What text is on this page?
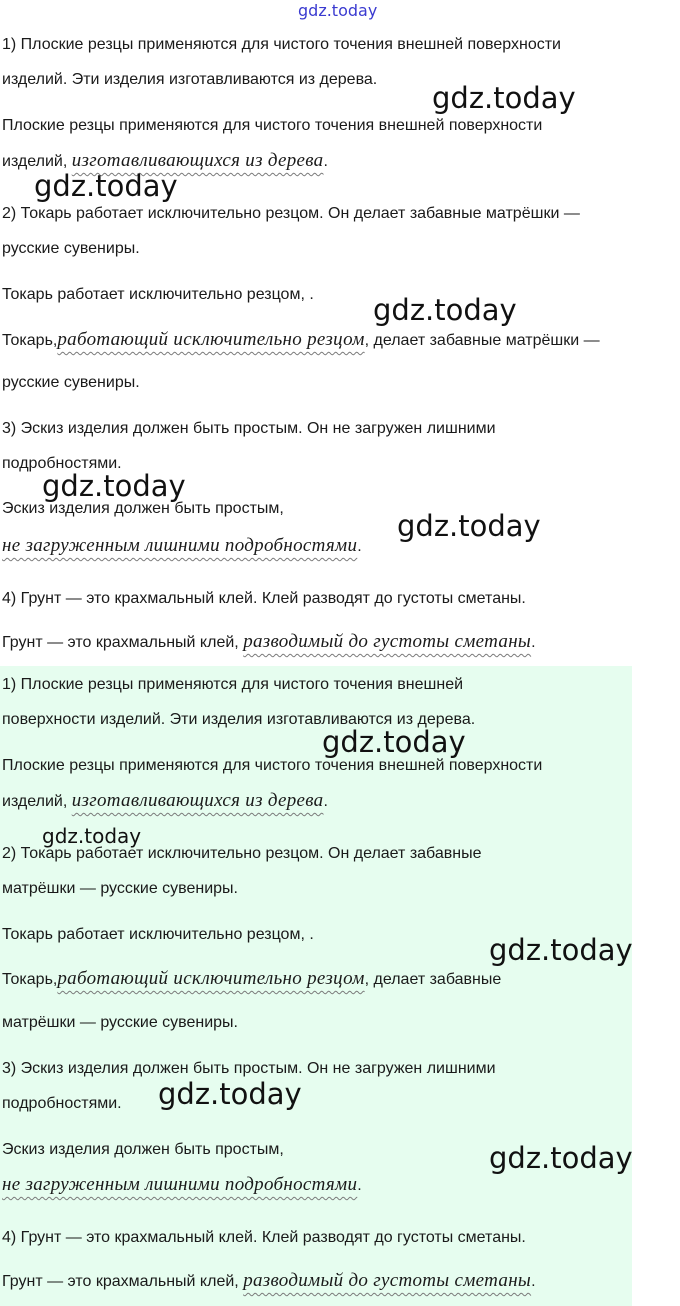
gdz.today
1) Плоские резцы применяются для чистого точения внешней поверхности
изделий. Эти изделия изготавливаются из дерева.
Плоские резцы применяются для чистого точения внешней поверхности
изделий, изготавливающихся из дерева.
2) Токарь работает исключительно резцом. Он делает забавные матрёшки —
русские сувениры.
Токарь работает исключительно резцом, .
Токарь,работающий исключительно резцом, делает забавные матрёшки —
русские сувениры.
3) Эскиз изделия должен быть простым. Он не загружен лишними
подробностями.
Эскиз изделия должен быть простым,
не загруженным лишними подробностями.
4) Грунт — это крахмальный клей. Клей разводят до густоты сметаны.
Грунт — это крахмальный клей, разводимый до густоты сметаны.
1) Плоские резцы применяются для чистого точения внешней
поверхности изделий. Эти изделия изготавливаются из дерева.
Плоские резцы применяются для чистого точения внешней поверхности
изделий, изготавливающихся из дерева.
2) Токарь работает исключительно резцом. Он делает забавные
матрёшки — русские сувениры.
Токарь работает исключительно резцом, .
Токарь,работающий исключительно резцом, делает забавные
матрёшки — русские сувениры.
3) Эскиз изделия должен быть простым. Он не загружен лишними
подробностями.
Эскиз изделия должен быть простым,
не загруженным лишними подробностями.
4) Грунт — это крахмальный клей. Клей разводят до густоты сметаны.
Грунт — это крахмальный клей, разводимый до густоты сметаны.
gdz.today
gdz.today
gdz.today
gdz.today
gdz.today
gdz.today
gdz.today
gdz.today
gdz.today
gdz.today
